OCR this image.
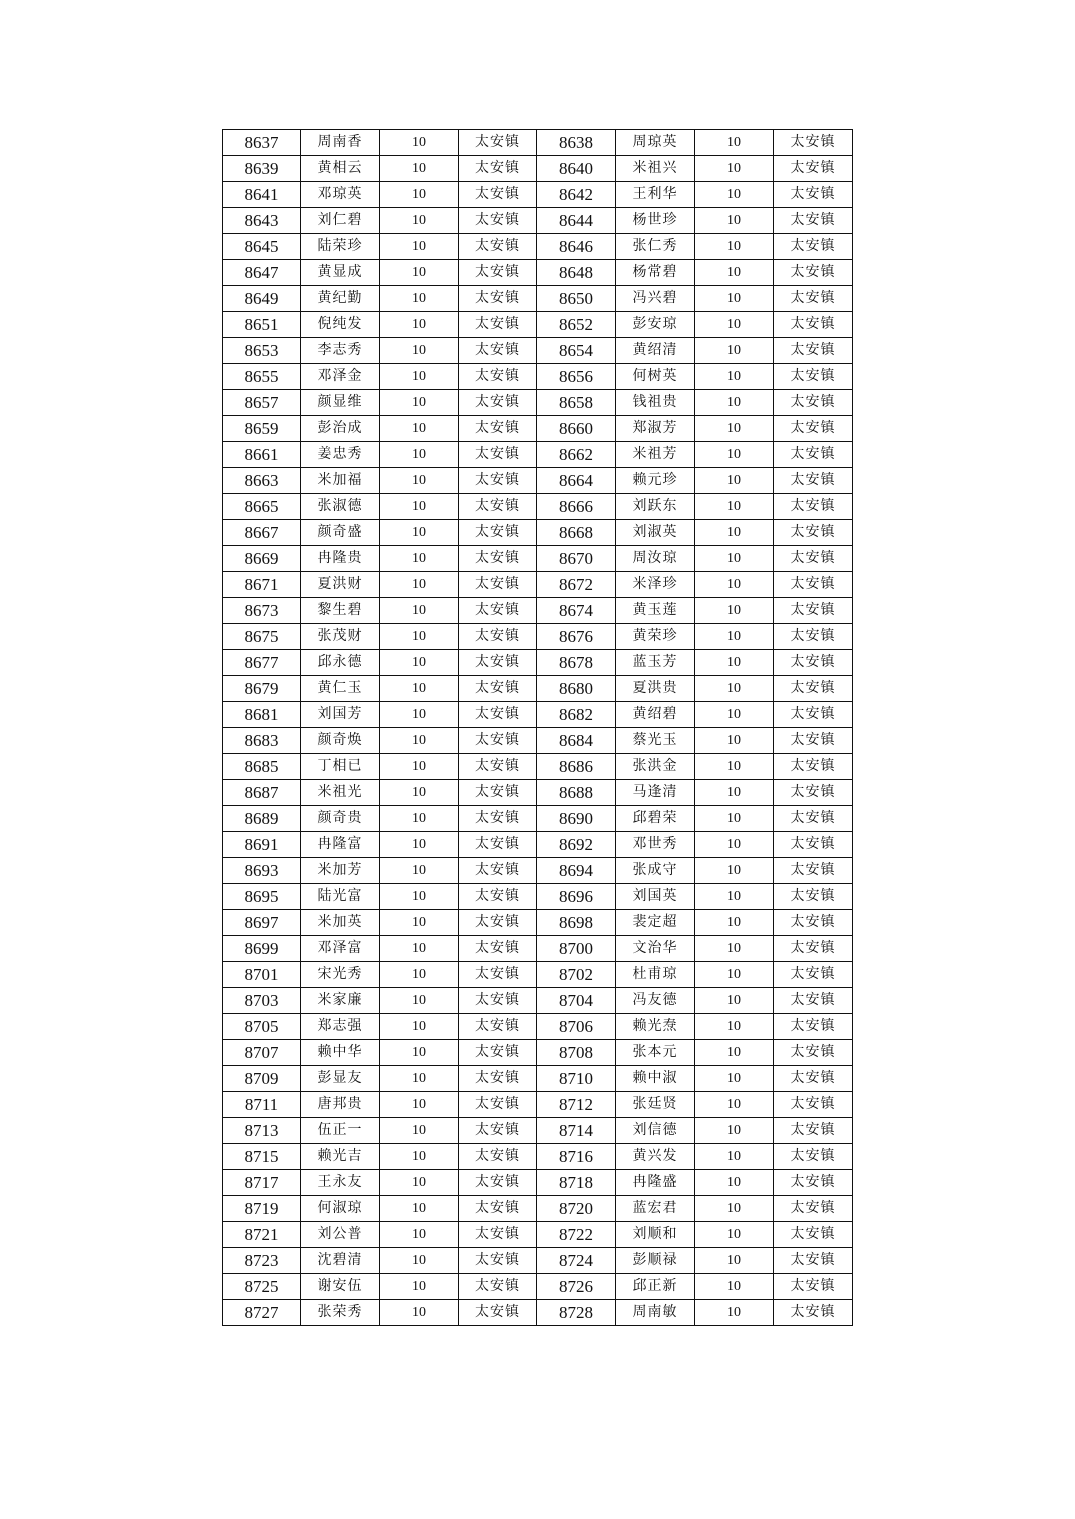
8637	周南香	10	太安镇	8638	周琼英	10	太安镇
8639	黄相云	10	太安镇	8640	米祖兴	10	太安镇
8641	邓琼英	10	太安镇	8642	王利华	10	太安镇
8643	刘仁碧	10	太安镇	8644	杨世珍	10	太安镇
8645	陆荣珍	10	太安镇	8646	张仁秀	10	太安镇
8647	黄显成	10	太安镇	8648	杨常碧	10	太安镇
8649	黄纪勤	10	太安镇	8650	冯兴碧	10	太安镇
8651	倪纯发	10	太安镇	8652	彭安琼	10	太安镇
8653	李志秀	10	太安镇	8654	黄绍清	10	太安镇
8655	邓泽金	10	太安镇	8656	何树英	10	太安镇
8657	颜显维	10	太安镇	8658	钱祖贵	10	太安镇
8659	彭治成	10	太安镇	8660	郑淑芳	10	太安镇
8661	姜忠秀	10	太安镇	8662	米祖芳	10	太安镇
8663	米加福	10	太安镇	8664	赖元珍	10	太安镇
8665	张淑德	10	太安镇	8666	刘跃东	10	太安镇
8667	颜奇盛	10	太安镇	8668	刘淑英	10	太安镇
8669	冉隆贵	10	太安镇	8670	周汝琼	10	太安镇
8671	夏洪财	10	太安镇	8672	米泽珍	10	太安镇
8673	黎生碧	10	太安镇	8674	黄玉莲	10	太安镇
8675	张茂财	10	太安镇	8676	黄荣珍	10	太安镇
8677	邱永德	10	太安镇	8678	蓝玉芳	10	太安镇
8679	黄仁玉	10	太安镇	8680	夏洪贵	10	太安镇
8681	刘国芳	10	太安镇	8682	黄绍碧	10	太安镇
8683	颜奇焕	10	太安镇	8684	蔡光玉	10	太安镇
8685	丁相已	10	太安镇	8686	张洪金	10	太安镇
8687	米祖光	10	太安镇	8688	马逢清	10	太安镇
8689	颜奇贵	10	太安镇	8690	邱碧荣	10	太安镇
8691	冉隆富	10	太安镇	8692	邓世秀	10	太安镇
8693	米加芳	10	太安镇	8694	张成守	10	太安镇
8695	陆光富	10	太安镇	8696	刘国英	10	太安镇
8697	米加英	10	太安镇	8698	裴定超	10	太安镇
8699	邓泽富	10	太安镇	8700	文治华	10	太安镇
8701	宋光秀	10	太安镇	8702	杜甫琼	10	太安镇
8703	米家廉	10	太安镇	8704	冯友德	10	太安镇
8705	郑志强	10	太安镇	8706	赖光焘	10	太安镇
8707	赖中华	10	太安镇	8708	张本元	10	太安镇
8709	彭显友	10	太安镇	8710	赖中淑	10	太安镇
8711	唐邦贵	10	太安镇	8712	张廷贤	10	太安镇
8713	伍正一	10	太安镇	8714	刘信德	10	太安镇
8715	赖光吉	10	太安镇	8716	黄兴发	10	太安镇
8717	王永友	10	太安镇	8718	冉隆盛	10	太安镇
8719	何淑琼	10	太安镇	8720	蓝宏君	10	太安镇
8721	刘公普	10	太安镇	8722	刘顺和	10	太安镇
8723	沈碧清	10	太安镇	8724	彭顺禄	10	太安镇
8725	谢安伍	10	太安镇	8726	邱正新	10	太安镇
8727	张荣秀	10	太安镇	8728	周南敏	10	太安镇
